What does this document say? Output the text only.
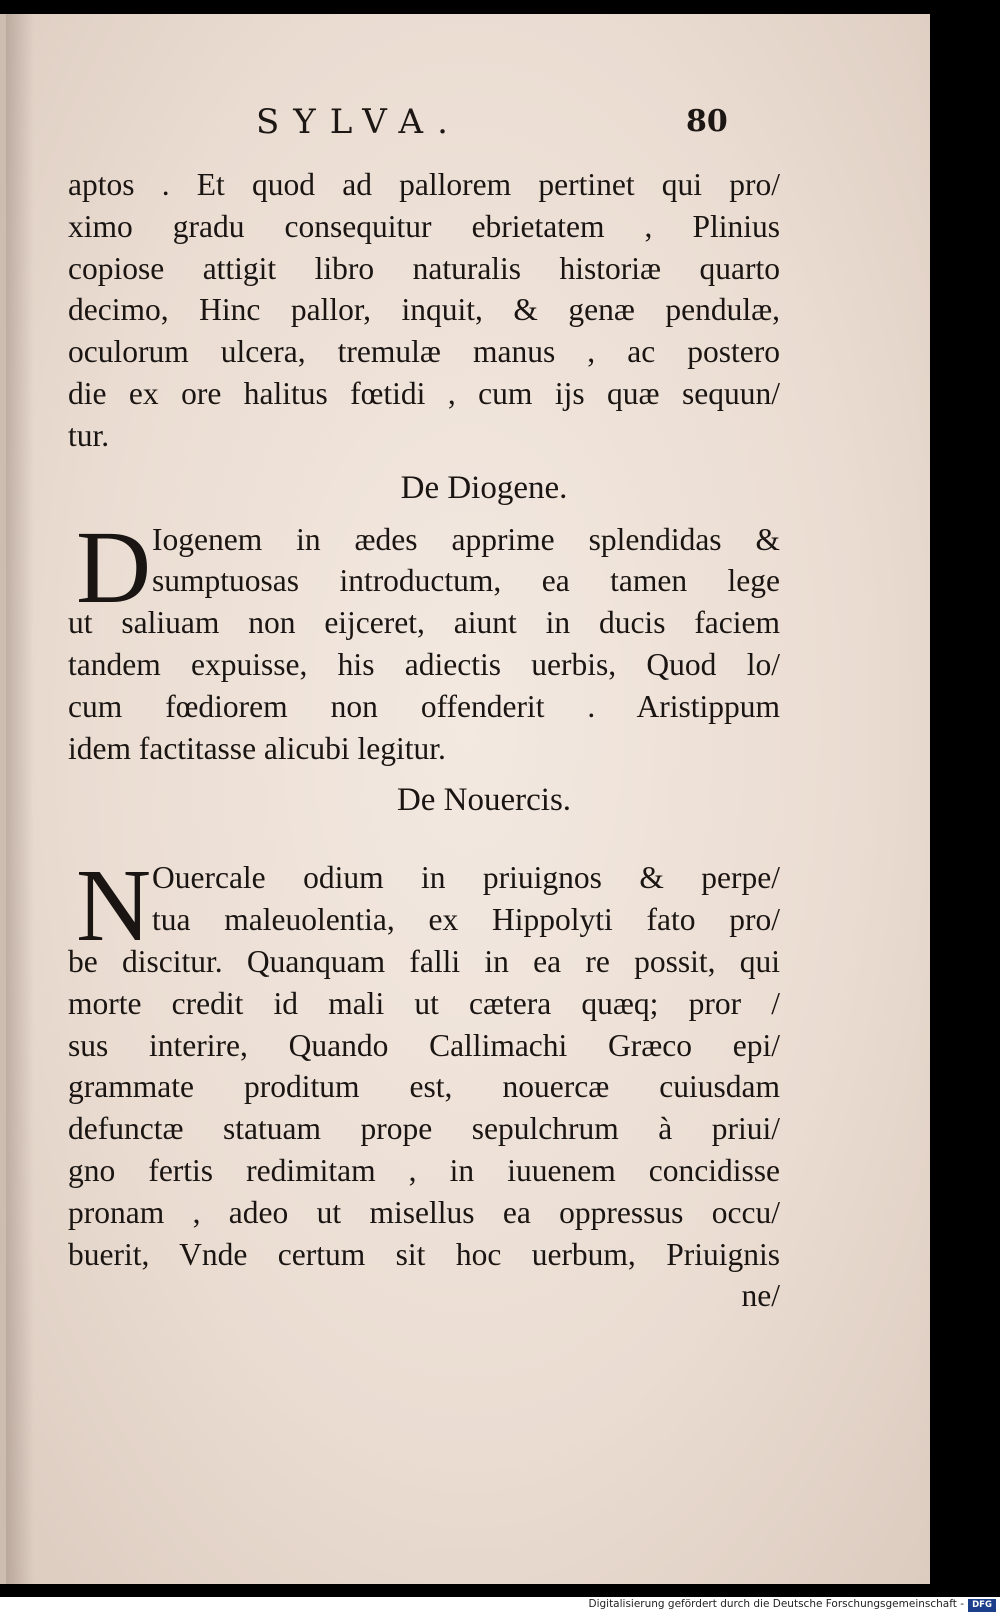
SYLVA.	80
aptos . Et quod ad pallorem pertinet qui pro/
ximo gradu consequitur ebrietatem , Plinius
copiose attigit libro naturalis historiæ quarto
decimo, Hinc pallor, inquit, & genæ pendulæ,
oculorum ulcera, tremulæ manus , ac postero
die ex ore halitus fœtidi , cum ijs quæ sequun/
tur.
De Diogene.
D Iogenem in ædes apprime splendidas &
sumptuosas introductum, ea tamen lege
ut saliuam non eijceret, aiunt in ducis faciem
tandem expuisse, his adiectis uerbis, Quod lo/
cum fœdiorem non offenderit . Aristippum
idem factitasse alicubi legitur.
De Nouercis.
N Ouercale odium in priuignos & perpe/
tua maleuolentia, ex Hippolyti fato pro/
be discitur. Quanquam falli in ea re possit, qui
morte credit id mali ut cætera quæq; pror /
sus interire, Quando Callimachi Græco epi/
grammate proditum est, nouercæ cuiusdam
defunctæ statuam prope sepulchrum à priui/
gno fertis redimitam , in iuuenem concidisse
pronam , adeo ut misellus ea oppressus occu/
buerit, Vnde certum sit hoc uerbum, Priuignis
ne/
Digitalisierung gefördert durch die Deutsche Forschungsgemeinschaft - DFG
